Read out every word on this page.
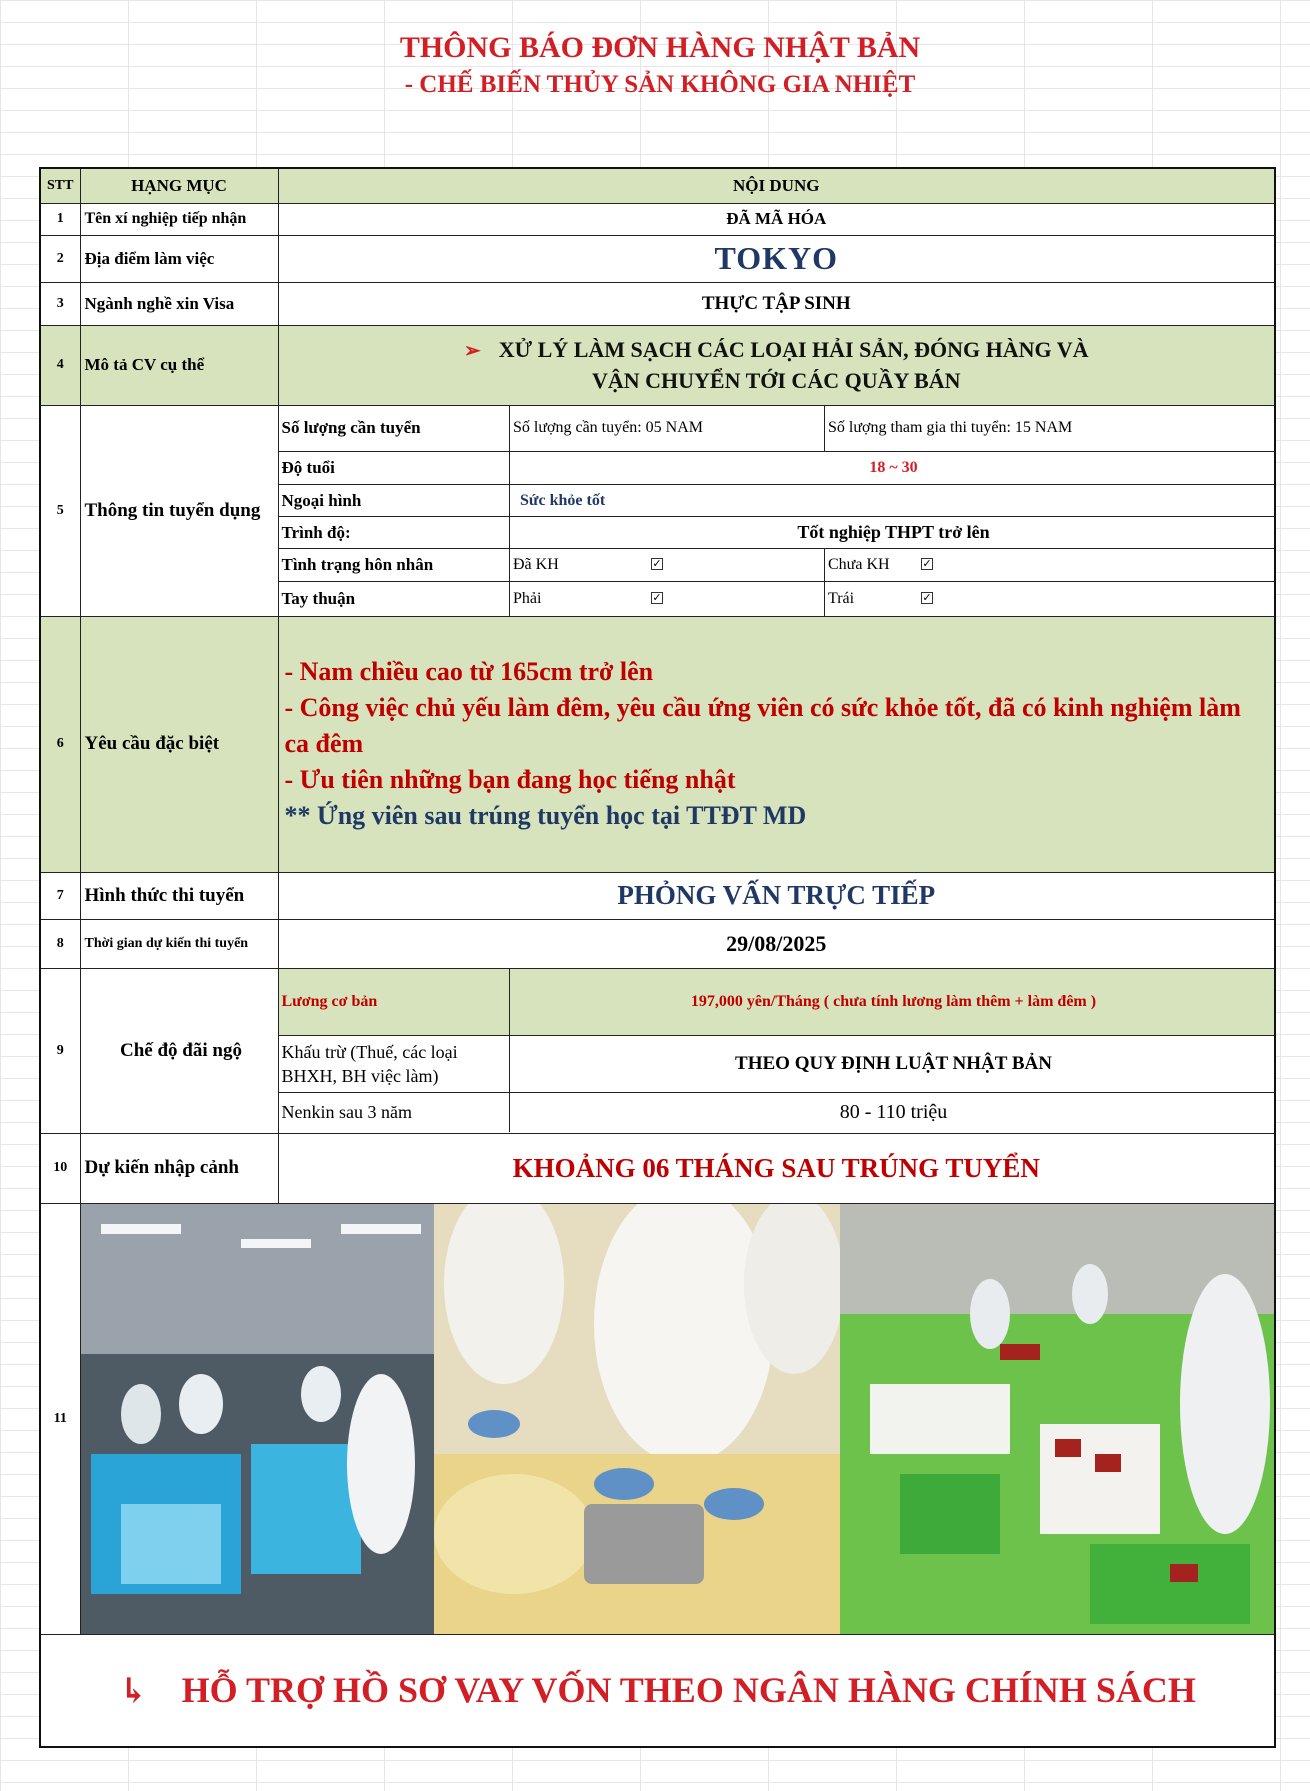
THÔNG BÁO ĐƠN HÀNG NHẬT BẢN
- CHẾ BIẾN THỦY SẢN KHÔNG GIA NHIỆT
STT	HẠNG MỤC	NỘI DUNG
1	Tên xí nghiệp tiếp nhận	ĐÃ MÃ HÓA
2	Địa điểm làm việc	TOKYO
3	Ngành nghề xin Visa	THỰC TẬP SINH
4	Mô tả CV cụ thể	
➢ XỬ LÝ LÀM SẠCH CÁC LOẠI HẢI SẢN, ĐÓNG HÀNG VÀ
VẬN CHUYỂN TỚI CÁC QUẦY BÁN

5	Thông tin tuyển dụng	
Số lượng cần tuyển	Số lượng cần tuyển: 05 NAM	Số lượng tham gia thi tuyển: 15 NAM
Độ tuổi	18 ~ 30
Ngoại hình	Sức khỏe tốt
Trình độ:	Tốt nghiệp THPT trở lên
Tình trạng hôn nhân	Đã KH	✓	Chưa KH	✓

Tay thuận	Phải	✓	Trái	✓

6	Yêu cầu đặc biệt	
- Nam chiều cao từ 165cm trở lên
- Công việc chủ yếu làm đêm, yêu cầu ứng viên có sức khỏe tốt, đã có kinh nghiệm làm ca đêm
- Ưu tiên những bạn đang học tiếng nhật
** Ứng viên sau trúng tuyển học tại TTĐT MD

7	Hình thức thi tuyển	PHỎNG VẤN TRỰC TIẾP
8	Thời gian dự kiến thi tuyển	29/08/2025
9	Chế độ đãi ngộ	
Lương cơ bản	197,000 yên/Tháng ( chưa tính lương làm thêm + làm đêm )
Khấu trừ (Thuế, các loại BHXH, BH việc làm)	THEO QUY ĐỊNH LUẬT NHẬT BẢN
Nenkin sau 3 năm	80 - 110 triệu

10	Dự kiến nhập cảnh	KHOẢNG 06 THÁNG SAU TRÚNG TUYỂN
11	

↳ HỖ TRỢ HỒ SƠ VAY VỐN THEO NGÂN HÀNG CHÍNH SÁCH
